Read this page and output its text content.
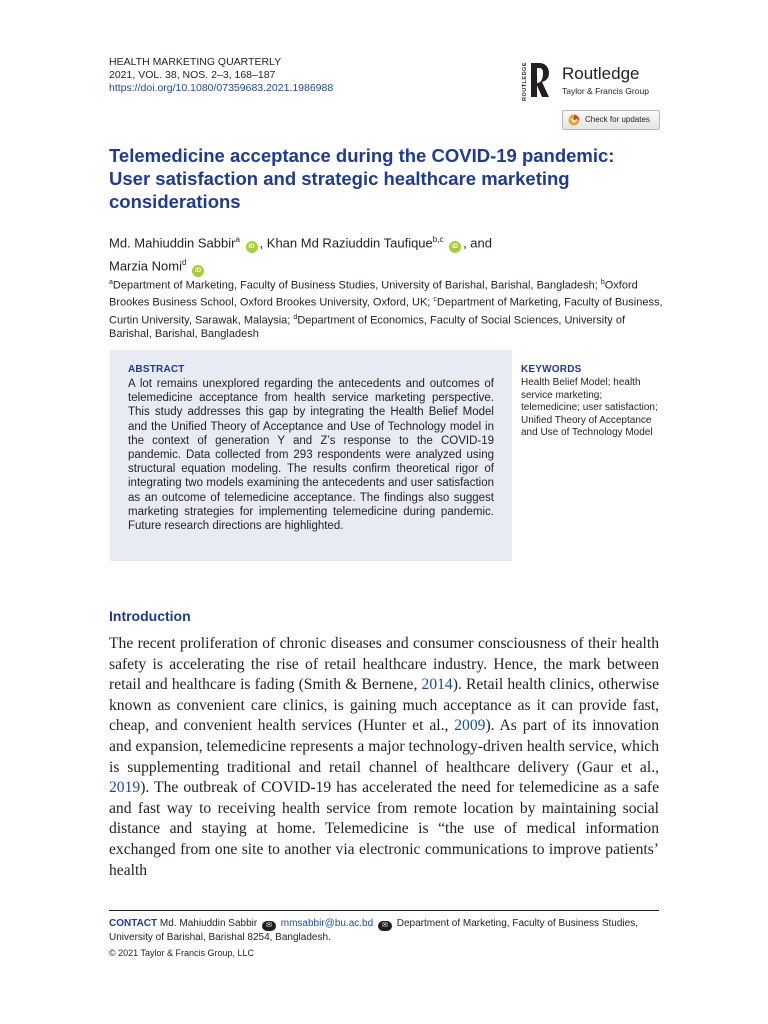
HEALTH MARKETING QUARTERLY
2021, VOL. 38, NOS. 2–3, 168–187
https://doi.org/10.1080/07359683.2021.1986988	ROUTLEDGE Routledge
Taylor & Francis Group
Check for updates
Telemedicine acceptance during the COVID-19 pandemic: User satisfaction and strategic healthcare marketing considerations
Md. Mahiuddin Sabbir$^a$ iD , Khan Md Raziuddin Taufique$^{b,c}$ iD , and
Marzia Nomi$^d$ iD
$^a$Department of Marketing, Faculty of Business Studies, University of Barishal, Barishal, Bangladesh; $^b$Oxford Brookes Business School, Oxford Brookes University, Oxford, UK; $^c$Department of Marketing, Faculty of Business, Curtin University, Sarawak, Malaysia; $^d$Department of Economics, Faculty of Social Sciences, University of Barishal, Barishal, Bangladesh
ABSTRACT
A lot remains unexplored regarding the antecedents and outcomes of telemedicine acceptance from health service marketing perspective. This study addresses this gap by integrating the Health Belief Model and the Unified Theory of Acceptance and Use of Technology model in the context of generation Y and Z’s response to the COVID-19 pandemic. Data collected from 293 respondents were analyzed using structural equation modeling. The results confirm theoretical rigor of integrating two models examining the antecedents and user satisfaction as an outcome of telemedicine acceptance. The findings also suggest marketing strategies for implementing telemedicine during pandemic. Future research directions are highlighted.
KEYWORDS
Health Belief Model; health service marketing; telemedicine; user satisfaction; Unified Theory of Acceptance and Use of Technology Model
Introduction
The recent proliferation of chronic diseases and consumer consciousness of their health safety is accelerating the rise of retail healthcare industry. Hence, the mark between retail and healthcare is fading (Smith & Bernene, 2014). Retail health clinics, otherwise known as convenient care clinics, is gaining much acceptance as it can provide fast, cheap, and convenient health services (Hunter et al., 2009). As part of its innovation and expansion, telemedicine represents a major technology-driven health service, which is supplementing traditional and retail channel of healthcare delivery (Gaur et al., 2019). The outbreak of COVID-19 has accelerated the need for telemedicine as a safe and fast way to receiving health service from remote location by maintaining social distance and staying at home. Telemedicine is “the use of medical information exchanged from one site to another via electronic communications to improve patients’ health
CONTACT Md. Mahiuddin Sabbir ✉ mmsabbir@bu.ac.bd ✉ Department of Marketing, Faculty of Business Studies, University of Barishal, Barishal 8254, Bangladesh.
© 2021 Taylor & Francis Group, LLC
